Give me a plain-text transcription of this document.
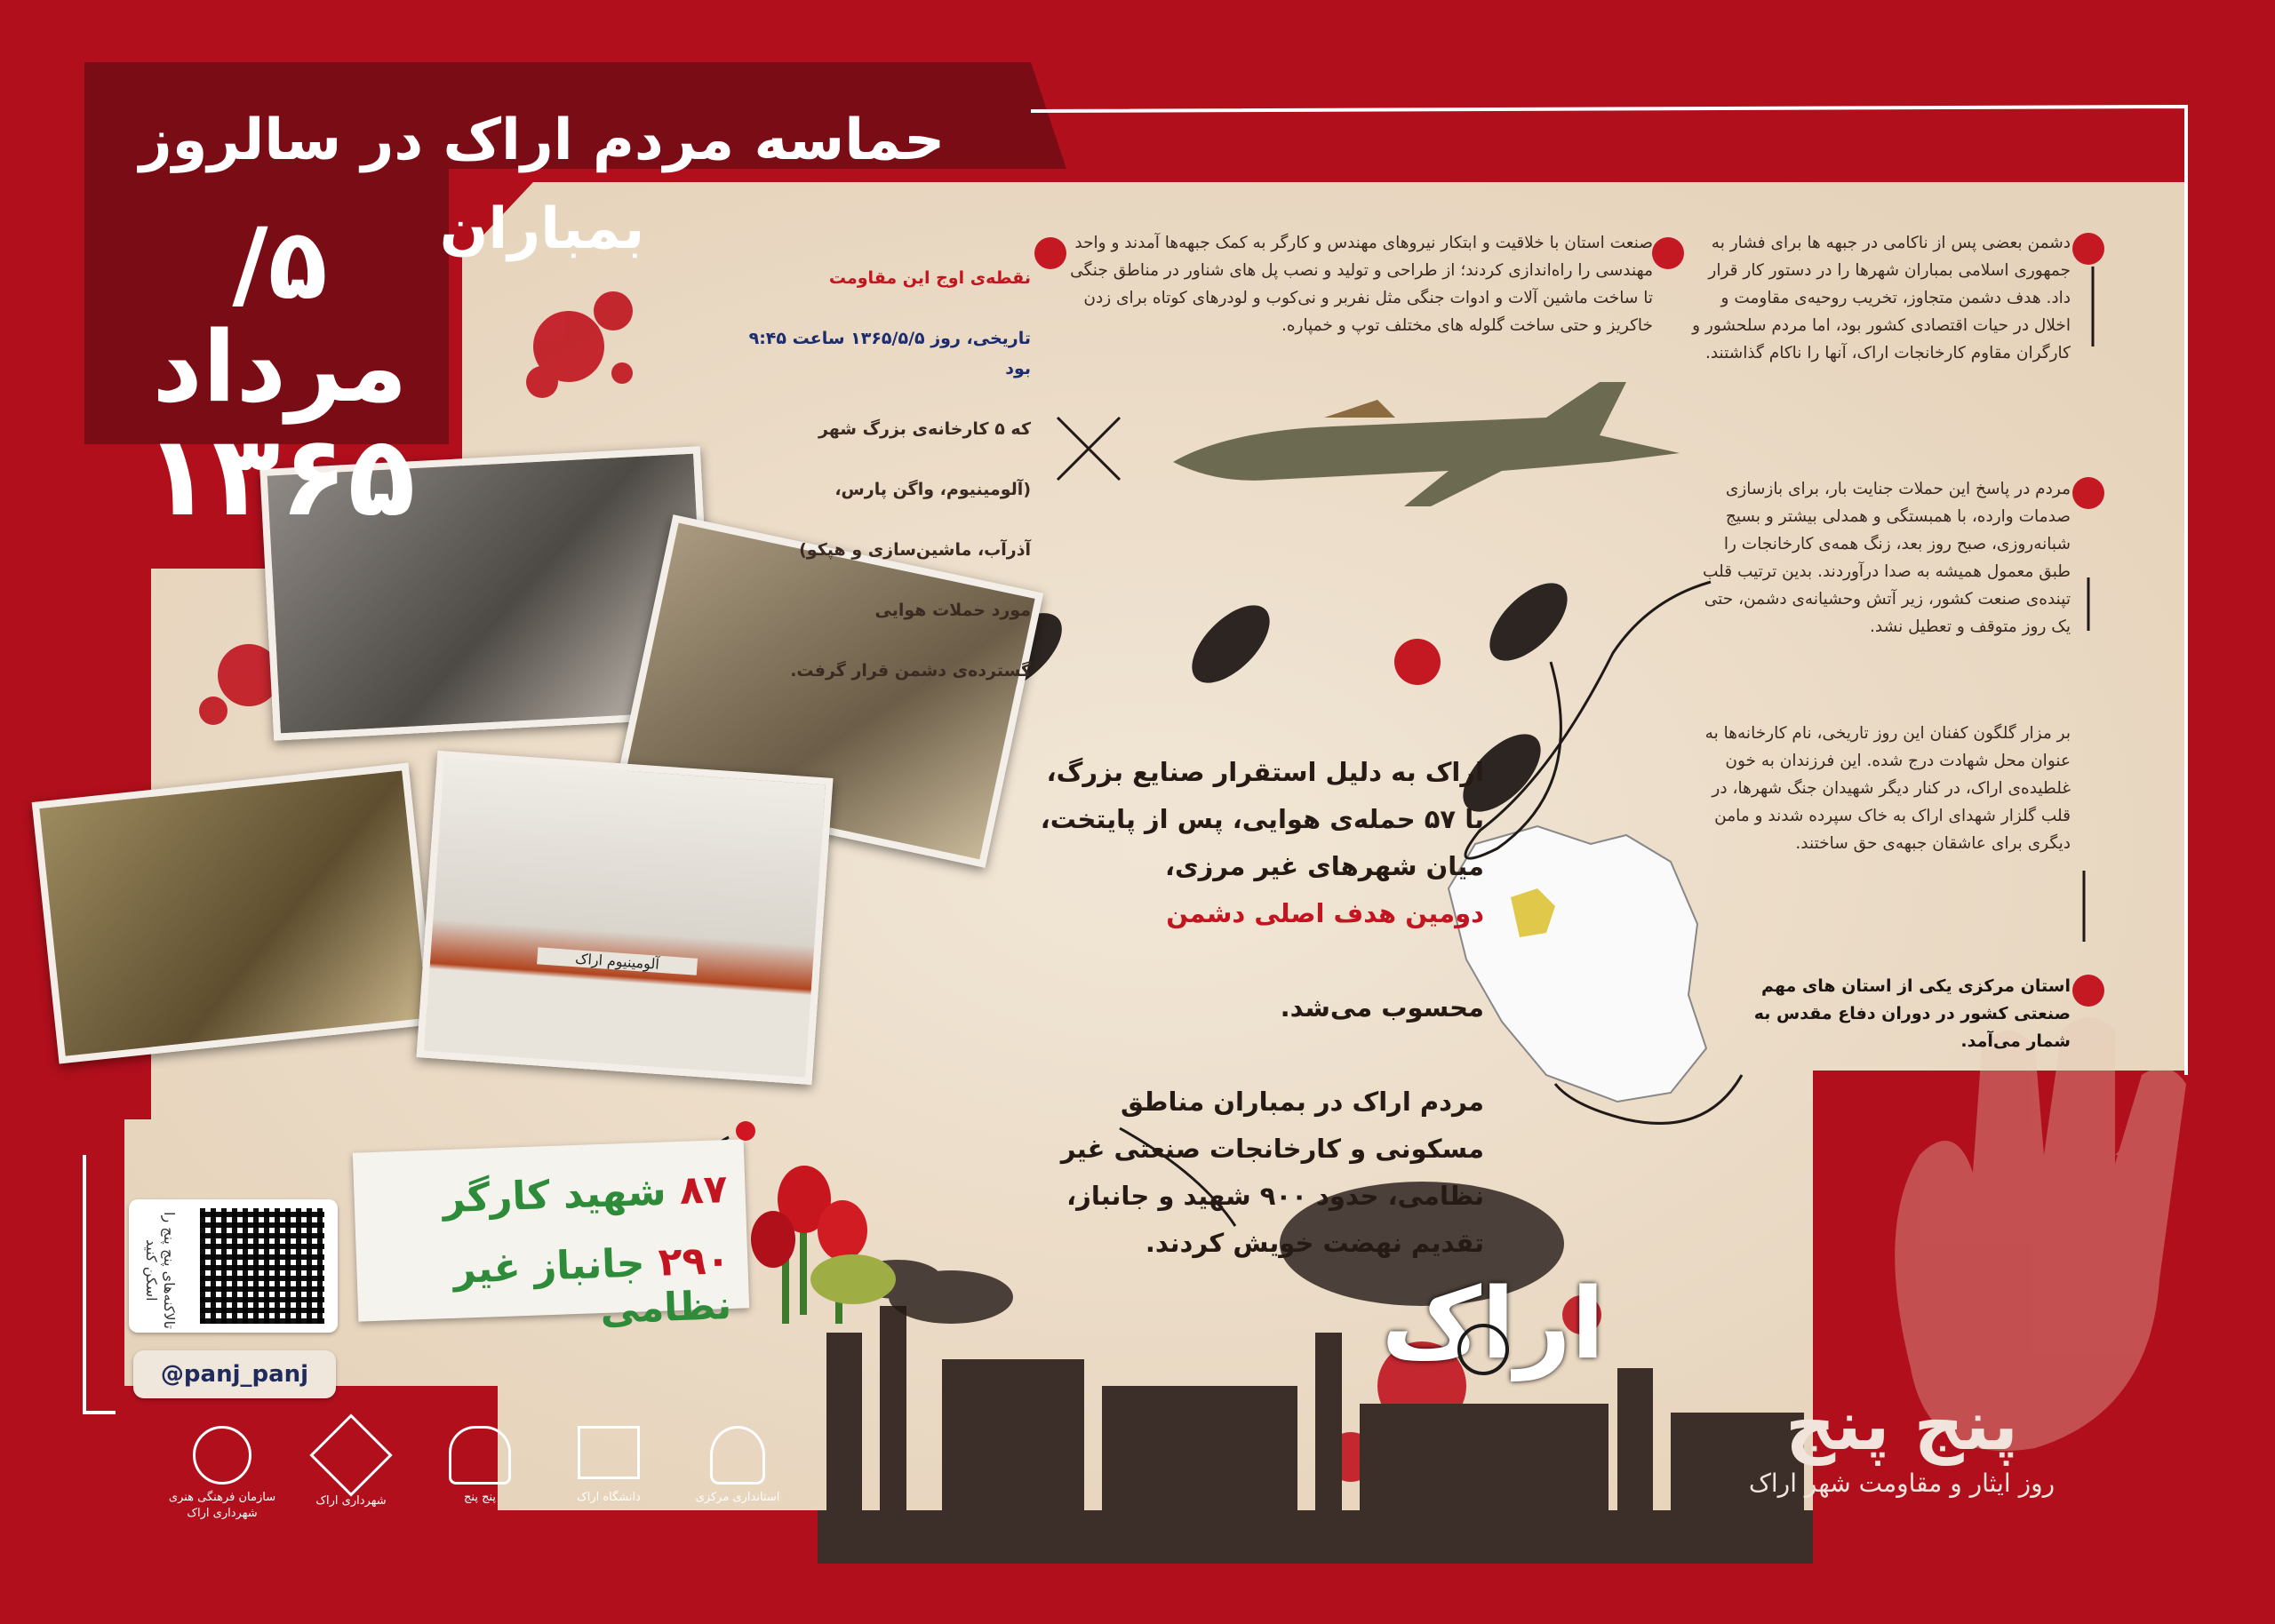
آلومینیوم اراک
حماسه مردم اراک در سالروز بمباران
۵/مرداد
۱۳۶۵

نقطه‌ی اوج این مقاومت

تاریخی، روز ۱۳۶۵/۵/۵ ساعت ۹:۴۵ بود

که ۵ کارخانه‌ی بزرگ شهر

(آلومینیوم، واگن پارس،

آذرآب، ماشین‌سازی و هپکو)

مورد حملات هوایی

گسترده‌ی دشمن قرار گرفت.

صنعت استان با خلاقیت و ابتکار نیروهای مهندس و کارگر به کمک جبهه‌ها آمدند و واحد مهندسی را راه‌اندازی کردند؛ از طراحی و تولید و نصب پل های شناور در مناطق جنگی تا ساخت ماشین آلات و ادوات جنگی مثل نفربر و نی‌کوب و لودرهای کوتاه برای زدن خاکریز و حتی ساخت گلوله های مختلف توپ و خمپاره.
دشمن بعضی پس از ناکامی در جبهه ها برای فشار به جمهوری اسلامی بمباران شهرها را در دستور کار قرار داد. هدف دشمن متجاوز، تخریب روحیه‌ی مقاومت و اخلال در حیات اقتصادی کشور بود، اما مردم سلحشور و کارگران مقاوم کارخانجات اراک، آنها را ناکام گذاشتند.
مردم در پاسخ این حملات جنایت بار، برای بازسازی صدمات وارده، با همبستگی و همدلی بیشتر و بسیج شبانه‌روزی، صبح روز بعد، زنگ همه‌ی کارخانجات را طبق معمول همیشه به صدا درآوردند. بدین ترتیب قلب تپنده‌ی صنعت کشور، زیر آتش وحشیانه‌ی دشمن، حتی یک روز متوقف و تعطیل نشد.
بر مزار گلگون کفنان این روز تاریخی، نام کارخانه‌ها به عنوان محل شهادت درج شده. این فرزندان به خون غلطیده‌ی اراک، در کنار دیگر شهیدان جنگ شهرها، در قلب گلزار شهدای اراک به خاک سپرده شدند و مامن دیگری برای عاشقان جبهه‌ی حق ساختند.
استان مرکزی یکی از استان های مهم صنعتی کشور در دوران دفاع مقدس به شمار می‌آمد.

اراک به دلیل استقرار صنایع بزرگ، با ۵۷ حمله‌ی هوایی، پس از پایتخت، میان شهرهای غیر مرزی،

دومین هدف اصلی دشمن

محسوب می‌شد.

مردم اراک در بمباران مناطق مسکونی و کارخانجات صنعتی غیر نظامی، حدود ۹۰۰ شهید و جانباز، تقدیم نهضت خویش کردند.

۸۷ شهید کارگر
۲۹۰ جانباز غیر نظامی	اراک
تالاکنه‌های پنج پنج را اسکن کنید
@panj_panj
سازمان فرهنگی هنری شهرداری اراک
شهرداری اراک	پنج پنج	دانشگاه اراک	استانداری مرکزی
پنج پنج
روز ایثار و مقاومت شهر اراک
